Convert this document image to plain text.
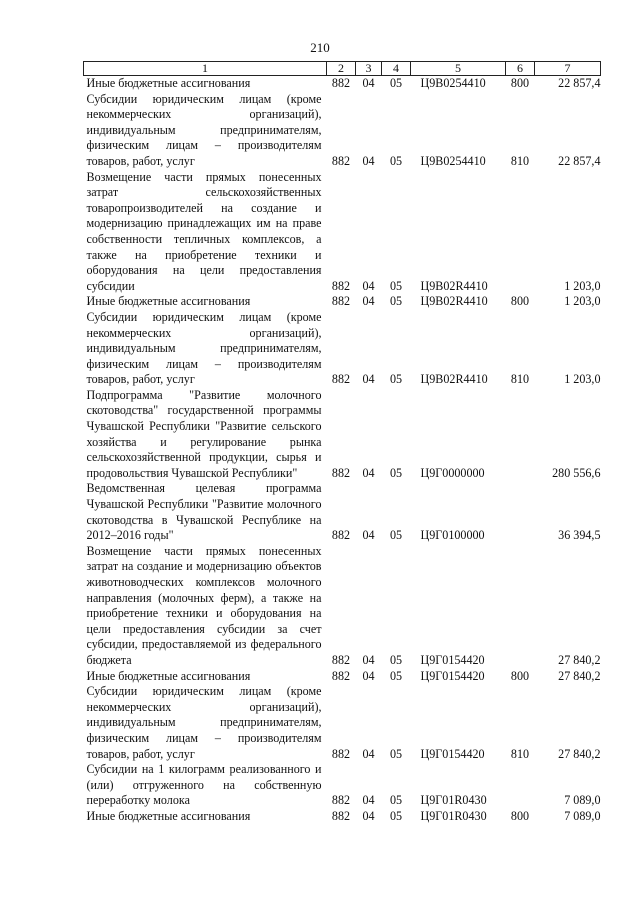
210
1	2	3	4	5	6	7
Иные бюджетные ассигнования	882	04	05	Ц9В0254410	800	22 857,4
Субсидии юридическим лицам (кроме некоммерческих организаций), индивидуальным предпринимателям, физическим лицам – производителям товаров, работ, услуг	882	04	05	Ц9В0254410	810	22 857,4
Возмещение части прямых понесенных затрат сельскохозяйственных товаропроизводителей на создание и модернизацию принадлежащих им на праве собственности тепличных комплексов, а также на приобретение техники и оборудования на цели предоставления субсидии	882	04	05	Ц9В02R4410		1 203,0
Иные бюджетные ассигнования	882	04	05	Ц9В02R4410	800	1 203,0
Субсидии юридическим лицам (кроме некоммерческих организаций), индивидуальным предпринимателям, физическим лицам – производителям товаров, работ, услуг	882	04	05	Ц9В02R4410	810	1 203,0
Подпрограмма "Развитие молочного скотоводства" государственной программы Чувашской Республики "Развитие сельского хозяйства и регулирование рынка сельскохозяйственной продукции, сырья и продовольствия Чувашской Республики"	882	04	05	Ц9Г0000000		280 556,6
Ведомственная целевая программа Чувашской Республики "Развитие молочного скотоводства в Чувашской Республике на 2012–2016 годы"	882	04	05	Ц9Г0100000		36 394,5
Возмещение части прямых понесенных затрат на создание и модернизацию объектов животноводческих комплексов молочного направления (молочных ферм), а также на приобретение техники и оборудования на цели предоставления субсидии за счет субсидии, предоставляемой из федерального бюджета	882	04	05	Ц9Г0154420		27 840,2
Иные бюджетные ассигнования	882	04	05	Ц9Г0154420	800	27 840,2
Субсидии юридическим лицам (кроме некоммерческих организаций), индивидуальным предпринимателям, физическим лицам – производителям товаров, работ, услуг	882	04	05	Ц9Г0154420	810	27 840,2
Субсидии на 1 килограмм реализованного и (или) отгруженного на собственную переработку молока	882	04	05	Ц9Г01R0430		7 089,0
Иные бюджетные ассигнования	882	04	05	Ц9Г01R0430	800	7 089,0
